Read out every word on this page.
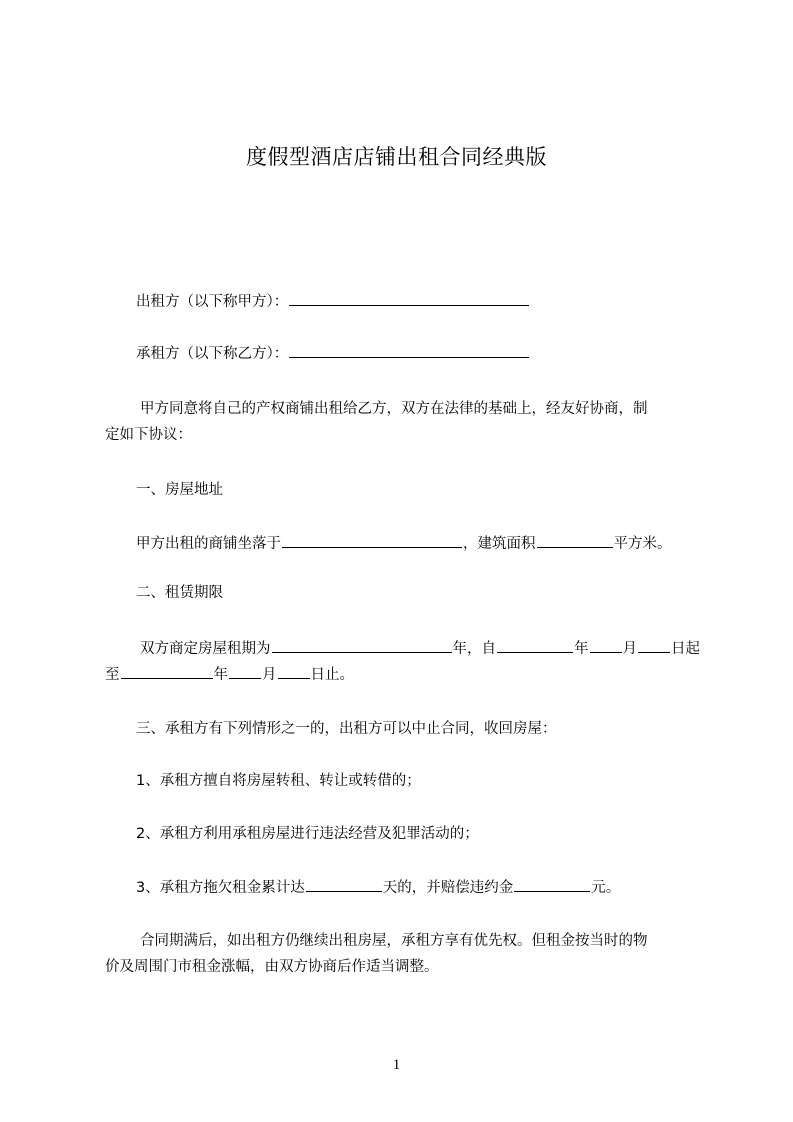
度假型酒店店铺出租合同经典版
出租方（以下称甲方）：
承租方（以下称乙方）：
甲方同意将自己的产权商铺出租给乙方，双方在法律的基础上，经友好协商，制
定如下协议：
一、房屋地址
甲方出租的商铺坐落于	，建筑面积	平方米。
二、租赁期限
双方商定房屋租期为	年，自	年 月 日起
至	年 月 日止。
三、承租方有下列情形之一的，出租方可以中止合同，收回房屋：
1、承租方擅自将房屋转租、转让或转借的；
2、承租方利用承租房屋进行违法经营及犯罪活动的；
3、承租方拖欠租金累计达	天的，并赔偿违约金	元。
合同期满后，如出租方仍继续出租房屋，承租方享有优先权。但租金按当时的物
价及周围门市租金涨幅，由双方协商后作适当调整。
1
